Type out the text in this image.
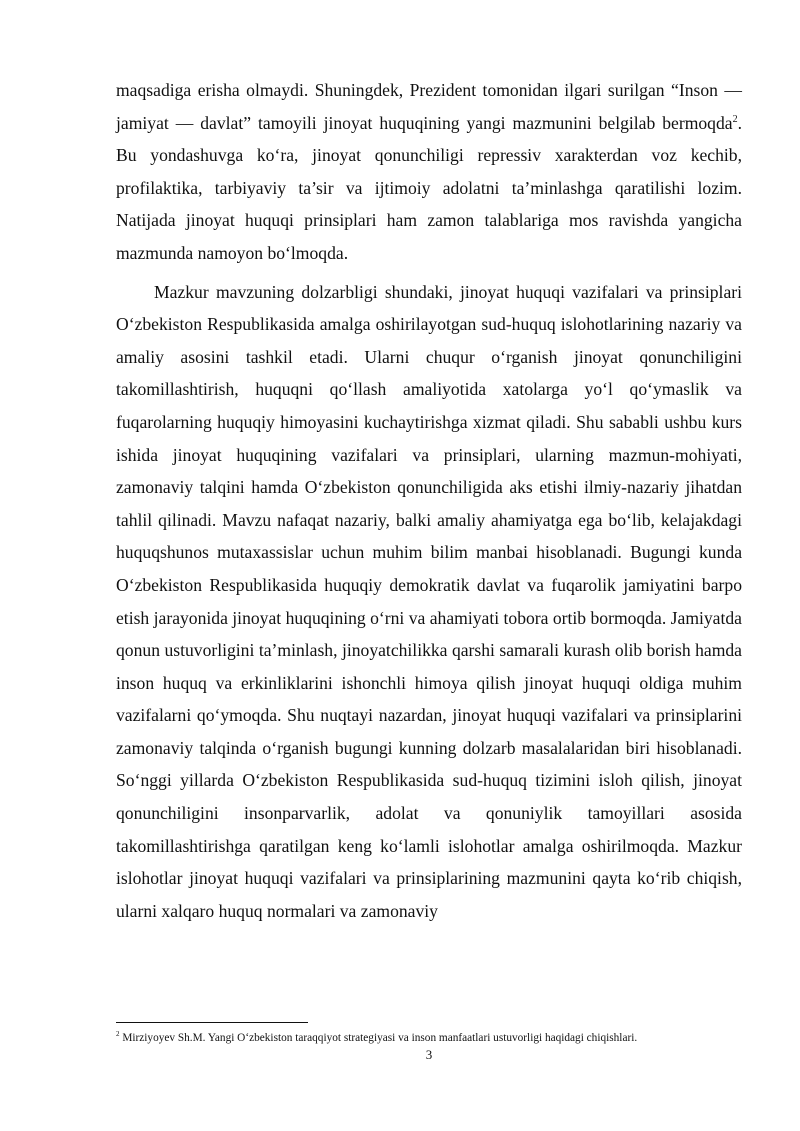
maqsadiga erisha olmaydi. Shuningdek, Prezident tomonidan ilgari surilgan “Inson — jamiyat — davlat” tamoyili jinoyat huquqining yangi mazmunini belgilab bermoqda$^2$. Bu yondashuvga ko‘ra, jinoyat qonunchiligi repressiv xarakterdan voz kechib, profilaktika, tarbiyaviy ta’sir va ijtimoiy adolatni ta’minlashga qaratilishi lozim. Natijada jinoyat huquqi prinsiplari ham zamon talablariga mos ravishda yangicha mazmunda namoyon bo‘lmoqda.

Mazkur mavzuning dolzarbligi shundaki, jinoyat huquqi vazifalari va prinsiplari O‘zbekiston Respublikasida amalga oshirilayotgan sud-huquq islohotlarining nazariy va amaliy asosini tashkil etadi. Ularni chuqur o‘rganish jinoyat qonunchiligini takomillashtirish, huquqni qo‘llash amaliyotida xatolarga yo‘l qo‘ymaslik va fuqarolarning huquqiy himoyasini kuchaytirishga xizmat qiladi. Shu sababli ushbu kurs ishida jinoyat huquqining vazifalari va prinsiplari, ularning mazmun-mohiyati, zamonaviy talqini hamda O‘zbekiston qonunchiligida aks etishi ilmiy-nazariy jihatdan tahlil qilinadi. Mavzu nafaqat nazariy, balki amaliy ahamiyatga ega bo‘lib, kelajakdagi huquqshunos mutaxassislar uchun muhim bilim manbai hisoblanadi. Bugungi kunda O‘zbekiston Respublikasida huquqiy demokratik davlat va fuqarolik jamiyatini barpo etish jarayonida jinoyat huquqining o‘rni va ahamiyati tobora ortib bormoqda. Jamiyatda qonun ustuvorligini ta’minlash, jinoyatchilikka qarshi samarali kurash olib borish hamda inson huquq va erkinliklarini ishonchli himoya qilish jinoyat huquqi oldiga muhim vazifalarni qo‘ymoqda. Shu nuqtayi nazardan, jinoyat huquqi vazifalari va prinsiplarini zamonaviy talqinda o‘rganish bugungi kunning dolzarb masalalaridan biri hisoblanadi. So‘nggi yillarda O‘zbekiston Respublikasida sud-huquq tizimini isloh qilish, jinoyat qonunchiligini insonparvarlik, adolat va qonuniylik tamoyillari asosida takomillashtirishga qaratilgan keng ko‘lamli islohotlar amalga oshirilmoqda. Mazkur islohotlar jinoyat huquqi vazifalari va prinsiplarining mazmunini qayta ko‘rib chiqish, ularni xalqaro huquq normalari va zamonaviy

$^2$ Mirziyoyev Sh.M. Yangi O‘zbekiston taraqqiyot strategiyasi va inson manfaatlari ustuvorligi haqidagi chiqishlari.
3
